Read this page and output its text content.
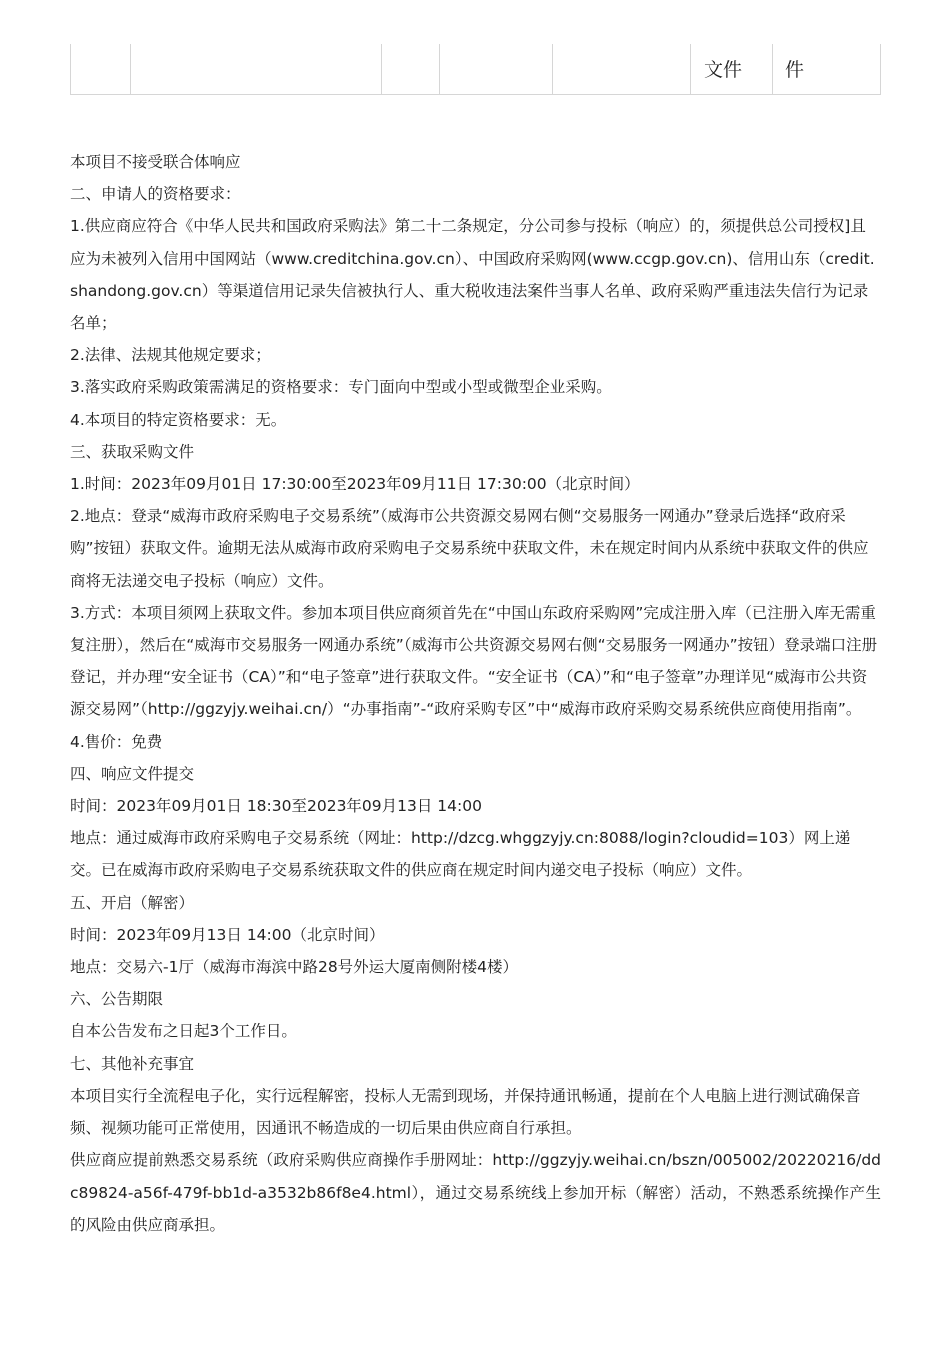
文件 件

本项目不接受联合体响应

二、申请人的资格要求：

1.供应商应符合《中华人民共和国政府采购法》第二十二条规定，分公司参与投标（响应）的，须提供总公司授权]且应为未被列入信用中国网站（www.creditchina.gov.cn）、中国政府采购网(www.ccgp.gov.cn)、信用山东（credit.shandong.gov.cn）等渠道信用记录失信被执行人、重大税收违法案件当事人名单、政府采购严重违法失信行为记录名单；

2.法律、法规其他规定要求；

3.落实政府采购政策需满足的资格要求：专门面向中型或小型或微型企业采购。

4.本项目的特定资格要求：无。

三、获取采购文件

1.时间：2023年09月01日 17:30:00至2023年09月11日 17:30:00（北京时间）

2.地点：登录“威海市政府采购电子交易系统”（威海市公共资源交易网右侧“交易服务一网通办”登录后选择“政府采购”按钮）获取文件。逾期无法从威海市政府采购电子交易系统中获取文件，未在规定时间内从系统中获取文件的供应商将无法递交电子投标（响应）文件。

3.方式：本项目须网上获取文件。参加本项目供应商须首先在“中国山东政府采购网”完成注册入库（已注册入库无需重复注册），然后在“威海市交易服务一网通办系统”（威海市公共资源交易网右侧“交易服务一网通办”按钮）登录端口注册登记，并办理“安全证书（CA）”和“电子签章”进行获取文件。“安全证书（CA）”和“电子签章”办理详见“威海市公共资源交易网”（http://ggzyjy.weihai.cn/）“办事指南”-“政府采购专区”中“威海市政府采购交易系统供应商使用指南”。

4.售价：免费

四、响应文件提交

时间：2023年09月01日 18:30至2023年09月13日 14:00

地点：通过威海市政府采购电子交易系统（网址：http://dzcg.whggzyjy.cn:8088/login?cloudid=103）网上递交。已在威海市政府采购电子交易系统获取文件的供应商在规定时间内递交电子投标（响应）文件。

五、开启（解密）

时间：2023年09月13日 14:00（北京时间）

地点：交易六-1厅（威海市海滨中路28号外运大厦南侧附楼4楼）

六、公告期限

自本公告发布之日起3个工作日。

七、其他补充事宜

本项目实行全流程电子化，实行远程解密，投标人无需到现场，并保持通讯畅通，提前在个人电脑上进行测试确保音频、视频功能可正常使用，因通讯不畅造成的一切后果由供应商自行承担。

供应商应提前熟悉交易系统（政府采购供应商操作手册网址：http://ggzyjy.weihai.cn/bszn/005002/20220216/ddc89824-a56f-479f-bb1d-a3532b86f8e4.html），通过交易系统线上参加开标（解密）活动，不熟悉系统操作产生的风险由供应商承担。
